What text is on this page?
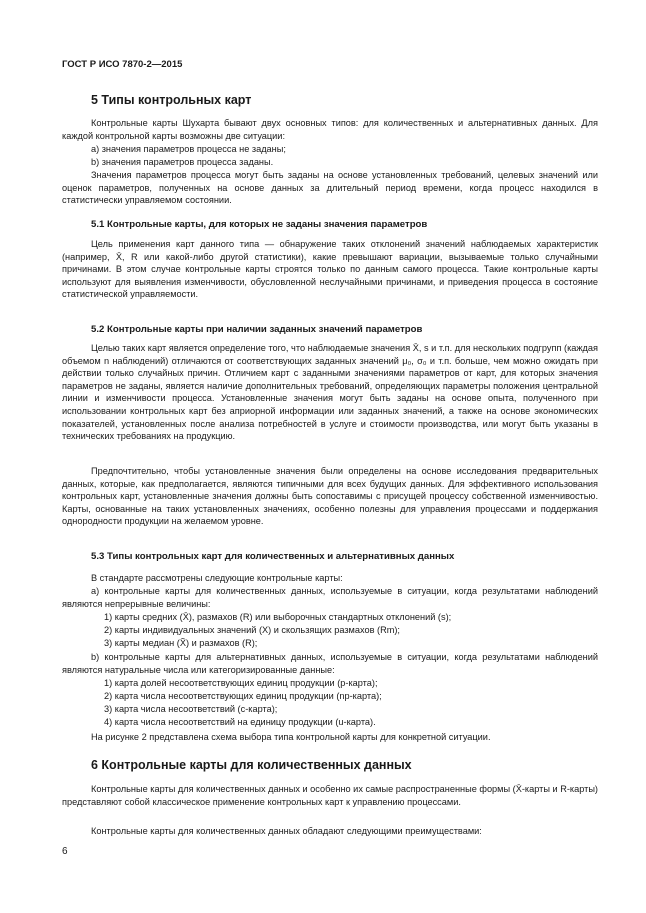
ГОСТ Р ИСО 7870-2—2015
5 Типы контрольных карт

Контрольные карты Шухарта бывают двух основных типов: для количественных и альтернативных данных. Для каждой контрольной карты возможны две ситуации:

a) значения параметров процесса не заданы;
b) значения параметров процесса заданы.

Значения параметров процесса могут быть заданы на основе установленных требований, целевых значений или оценок параметров, полученных на основе данных за длительный период времени, когда процесс находился в статистически управляемом состоянии.

5.1 Контрольные карты, для которых не заданы значения параметров

Цель применения карт данного типа — обнаружение таких отклонений значений наблюдаемых характеристик (например, X̄, R или какой-либо другой статистики), какие превышают вариации, вызываемые только случайными причинами. В этом случае контрольные карты строятся только по данным самого процесса. Такие контрольные карты используют для выявления изменчивости, обусловленной неслучайными причинами, и приведения процесса в состояние статистической управляемости.

5.2 Контрольные карты при наличии заданных значений параметров

Целью таких карт является определение того, что наблюдаемые значения X̄, s и т.п. для нескольких подгрупп (каждая объемом n наблюдений) отличаются от соответствующих заданных значений μ₀, σ₀ и т.п. больше, чем можно ожидать при действии только случайных причин. Отличием карт с заданными значениями параметров от карт, для которых значения параметров не заданы, является наличие дополнительных требований, определяющих параметры положения центральной линии и изменчивости процесса. Установленные значения могут быть заданы на основе опыта, полученного при использовании контрольных карт без априорной информации или заданных значений, а также на основе экономических показателей, установленных после анализа потребностей в услуге и стоимости производства, или могут быть указаны в технических требованиях на продукцию.

Предпочтительно, чтобы установленные значения были определены на основе исследования предварительных данных, которые, как предполагается, являются типичными для всех будущих данных. Для эффективного использования контрольных карт, установленные значения должны быть сопоставимы с присущей процессу собственной изменчивостью. Карты, основанные на таких установленных значениях, особенно полезны для управления процессами и поддержания однородности продукции на желаемом уровне.

5.3 Типы контрольных карт для количественных и альтернативных данных

В стандарте рассмотрены следующие контрольные карты:

a) контрольные карты для количественных данных, используемые в ситуации, когда результатами наблюдений являются непрерывные величины:

1) карты средних (X̄), размахов (R) или выборочных стандартных отклонений (s);
2) карты индивидуальных значений (X) и скользящих размахов (Rm);
3) карты медиан (X̃) и размахов (R);

b) контрольные карты для альтернативных данных, используемые в ситуации, когда результатами наблюдений являются натуральные числа или категоризированные данные:

1) карта долей несоответствующих единиц продукции (p-карта);
2) карта числа несоответствующих единиц продукции (np-карта);
3) карта числа несоответствий (c-карта);
4) карта числа несоответствий на единицу продукции (u-карта).
На рисунке 2 представлена схема выбора типа контрольной карты для конкретной ситуации.
6 Контрольные карты для количественных данных

Контрольные карты для количественных данных и особенно их самые распространенные формы (X̄-карты и R-карты) представляют собой классическое применение контрольных карт к управлению процессами.

Контрольные карты для количественных данных обладают следующими преимуществами:

6
